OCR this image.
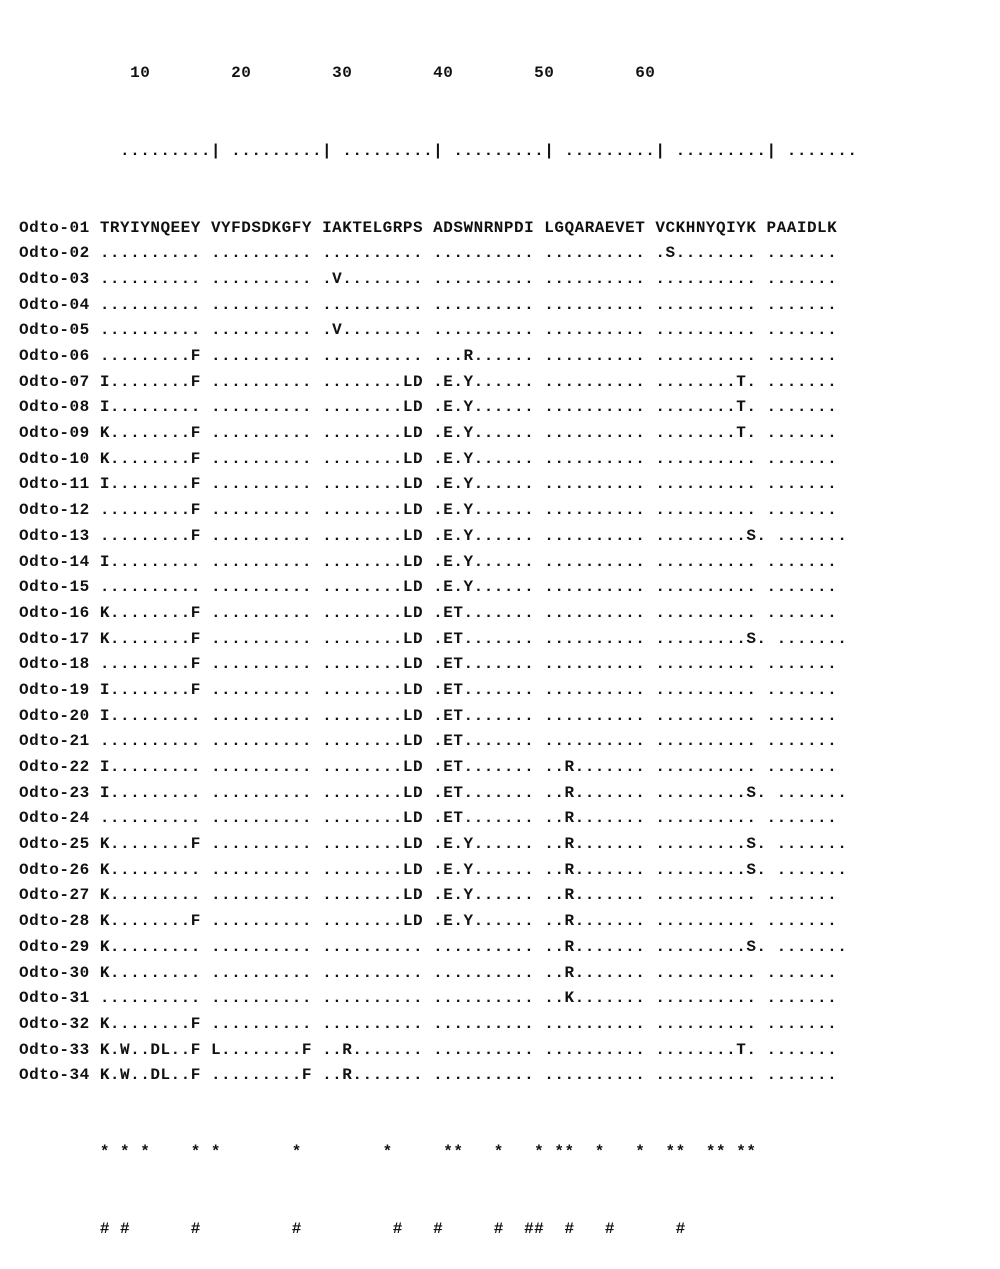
10        20        30        40        50        60

.........| .........| .........| .........| .........| .........| .......

Odto-01 TRYIYNQEEY VYFDSDKGFY IAKTELGRPS ADSWNRNPDI LGQARAEVET VCKHNYQIYK PAAIDLK
Odto-02 .......... .......... .......... .......... .......... .S........ .......
Odto-03 .......... .......... .V........ .......... .......... .......... .......
Odto-04 .......... .......... .......... .......... .......... .......... .......
Odto-05 .......... .......... .V........ .......... .......... .......... .......
Odto-06 .........F .......... .......... ...R...... .......... .......... .......
Odto-07 I........F .......... ........LD .E.Y...... .......... ........T. .......
Odto-08 I......... .......... ........LD .E.Y...... .......... ........T. .......
Odto-09 K........F .......... ........LD .E.Y...... .......... ........T. .......
Odto-10 K........F .......... ........LD .E.Y...... .......... .......... .......
Odto-11 I........F .......... ........LD .E.Y...... .......... .......... .......
Odto-12 .........F .......... ........LD .E.Y...... .......... .......... .......
Odto-13 .........F .......... ........LD .E.Y...... .......... .........S. .......
Odto-14 I......... .......... ........LD .E.Y...... .......... .......... .......
Odto-15 .......... .......... ........LD .E.Y...... .......... .......... .......
Odto-16 K........F .......... ........LD .ET....... .......... .......... .......
Odto-17 K........F .......... ........LD .ET....... .......... .........S. .......
Odto-18 .........F .......... ........LD .ET....... .......... .......... .......
Odto-19 I........F .......... ........LD .ET....... .......... .......... .......
Odto-20 I......... .......... ........LD .ET....... .......... .......... .......
Odto-21 .......... .......... ........LD .ET....... .......... .......... .......
Odto-22 I......... .......... ........LD .ET....... ..R....... .......... .......
Odto-23 I......... .......... ........LD .ET....... ..R....... .........S. .......
Odto-24 .......... .......... ........LD .ET....... ..R....... .......... .......
Odto-25 K........F .......... ........LD .E.Y...... ..R....... .........S. .......
Odto-26 K......... .......... ........LD .E.Y...... ..R....... .........S. .......
Odto-27 K......... .......... ........LD .E.Y...... ..R....... .......... .......
Odto-28 K........F .......... ........LD .E.Y...... ..R....... .......... .......
Odto-29 K......... .......... .......... .......... ..R....... .........S. .......
Odto-30 K......... .......... .......... .......... ..R....... .......... .......
Odto-31 .......... .......... .......... .......... ..K....... .......... .......
Odto-32 K........F .......... .......... .......... .......... .......... .......
Odto-33 K.W..DL..F L........F ..R....... .......... .......... ........T. .......
Odto-34 K.W..DL..F .........F ..R....... .......... .......... .......... .......

* * *    * *       *        *     **   *   * **  *   *  **  ** **

# #      #         #         #   #     #  ##  #   #      #
